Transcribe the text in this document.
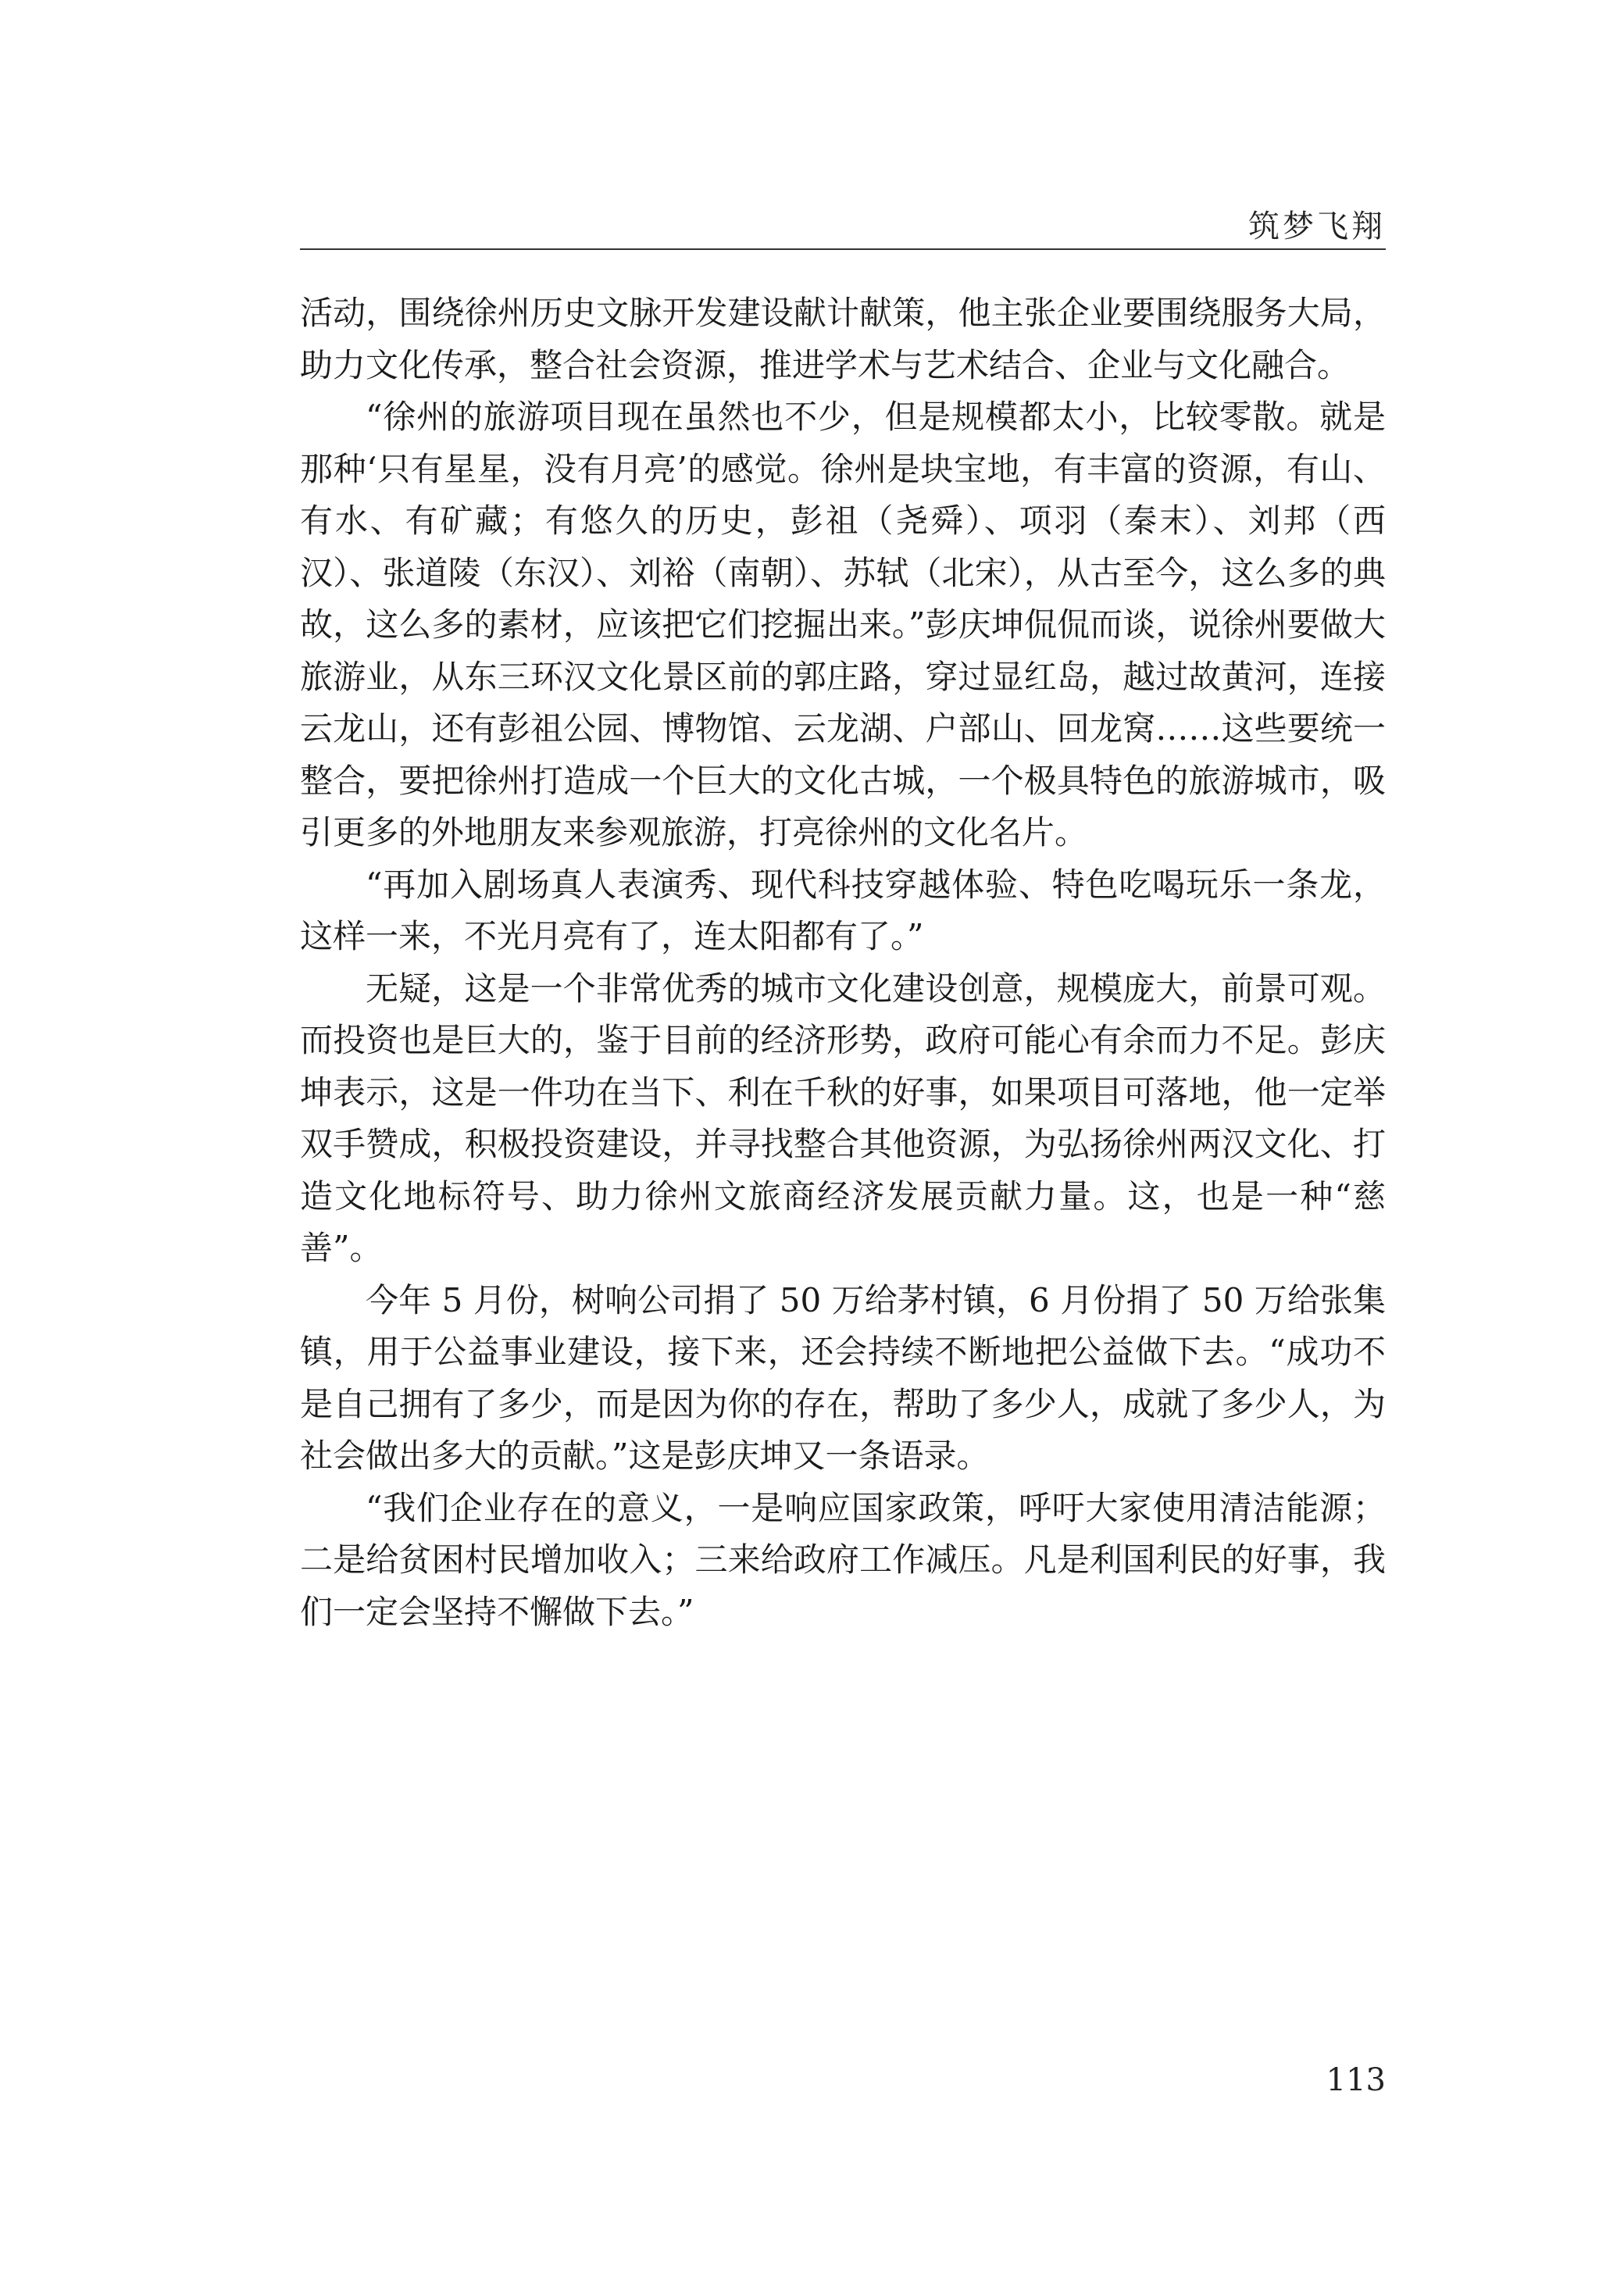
筑梦飞翔

活动，围绕徐州历史文脉开发建设献计献策，他主张企业要围绕服务大局，助力文化传承，整合社会资源，推进学术与艺术结合、企业与文化融合。

“徐州的旅游项目现在虽然也不少，但是规模都太小，比较零散。就是那种‘只有星星，没有月亮’的感觉。徐州是块宝地，有丰富的资源，有山、有水、有矿藏；有悠久的历史，彭祖（尧舜）、项羽（秦末）、刘邦（西汉）、张道陵（东汉）、刘裕（南朝）、苏轼（北宋），从古至今，这么多的典故，这么多的素材，应该把它们挖掘出来。”彭庆坤侃侃而谈，说徐州要做大旅游业，从东三环汉文化景区前的郭庄路，穿过显红岛，越过故黄河，连接云龙山，还有彭祖公园、博物馆、云龙湖、户部山、回龙窝……这些要统一整合，要把徐州打造成一个巨大的文化古城，一个极具特色的旅游城市，吸引更多的外地朋友来参观旅游，打亮徐州的文化名片。

“再加入剧场真人表演秀、现代科技穿越体验、特色吃喝玩乐一条龙，这样一来，不光月亮有了，连太阳都有了。”

无疑，这是一个非常优秀的城市文化建设创意，规模庞大，前景可观。而投资也是巨大的，鉴于目前的经济形势，政府可能心有余而力不足。彭庆坤表示，这是一件功在当下、利在千秋的好事，如果项目可落地，他一定举双手赞成，积极投资建设，并寻找整合其他资源，为弘扬徐州两汉文化、打造文化地标符号、助力徐州文旅商经济发展贡献力量。这，也是一种“慈善”。

今年 5 月份，树响公司捐了 50 万给茅村镇，6 月份捐了 50 万给张集镇，用于公益事业建设，接下来，还会持续不断地把公益做下去。“成功不是自己拥有了多少，而是因为你的存在，帮助了多少人，成就了多少人，为社会做出多大的贡献。”这是彭庆坤又一条语录。

“我们企业存在的意义，一是响应国家政策，呼吁大家使用清洁能源；二是给贫困村民增加收入；三来给政府工作减压。凡是利国利民的好事，我们一定会坚持不懈做下去。”

113
